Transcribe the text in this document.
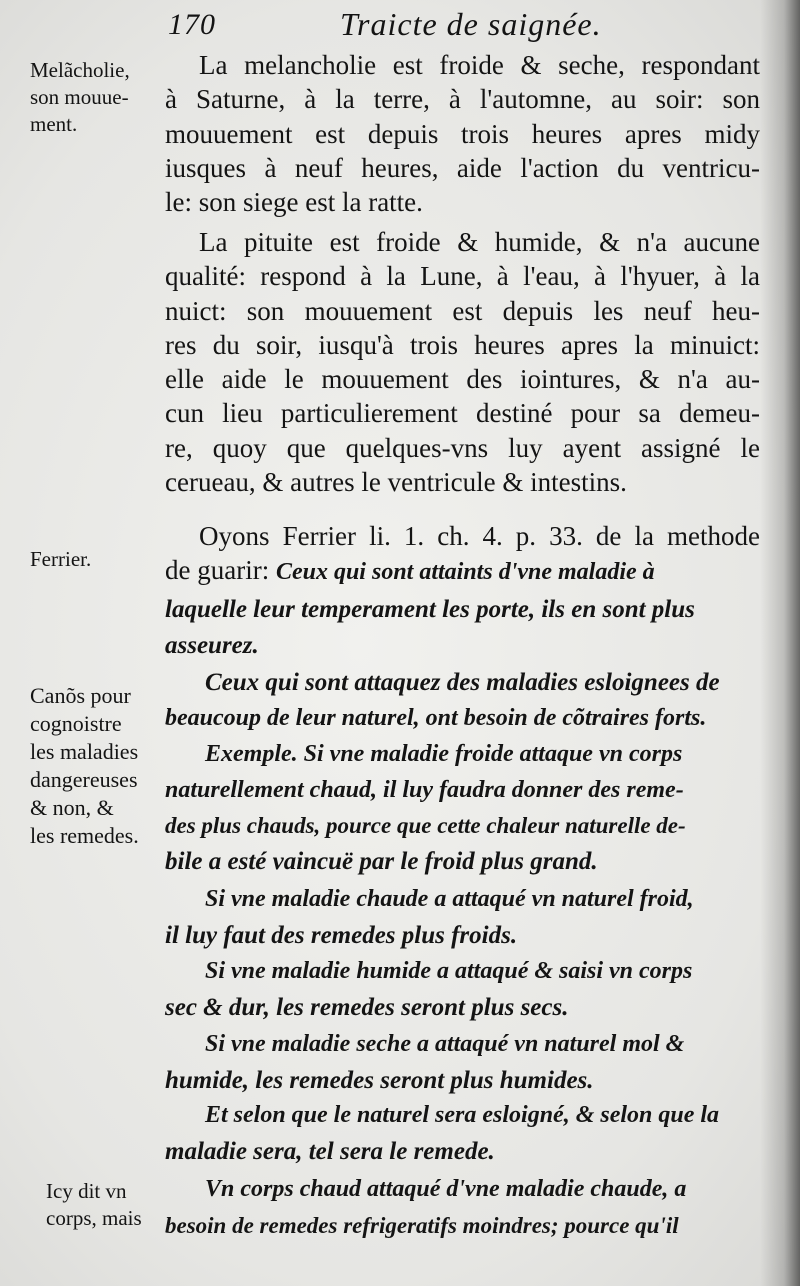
170	Traicte de saignée.
Melãcholie,
son mouue-
ment.
Ferrier.
Canõs pour
cognoistre
les maladies
dangereuses
& non, &
les remedes.
Icy dit vn
corps, mais
La melancholie est froide & seche, respondant
à Saturne, à la terre, à l'automne, au soir: son
mouuement est depuis trois heures apres midy
iusques à neuf heures, aide l'action du ventricu-
le: son siege est la ratte.
La pituite est froide & humide, & n'a aucune
qualité: respond à la Lune, à l'eau, à l'hyuer, à la
nuict: son mouuement est depuis les neuf heu-
res du soir, iusqu'à trois heures apres la minuict:
elle aide le mouuement des iointures, & n'a au-
cun lieu particulierement destiné pour sa demeu-
re, quoy que quelques-vns luy ayent assigné le
cerueau, & autres le ventricule & intestins.
Oyons Ferrier li. 1. ch. 4. p. 33. de la methode
de guarir: Ceux qui sont attaints d'vne maladie à
laquelle leur temperament les porte, ils en sont plus
asseurez.
Ceux qui sont attaquez des maladies esloignees de
beaucoup de leur naturel, ont besoin de cõtraires forts.
Exemple. Si vne maladie froide attaque vn corps
naturellement chaud, il luy faudra donner des reme-
des plus chauds, pource que cette chaleur naturelle de-
bile a esté vaincuë par le froid plus grand.
Si vne maladie chaude a attaqué vn naturel froid,
il luy faut des remedes plus froids.
Si vne maladie humide a attaqué & saisi vn corps
sec & dur, les remedes seront plus secs.
Si vne maladie seche a attaqué vn naturel mol &
humide, les remedes seront plus humides.
Et selon que le naturel sera esloigné, & selon que la
maladie sera, tel sera le remede.
Vn corps chaud attaqué d'vne maladie chaude, a
besoin de remedes refrigeratifs moindres; pource qu'il
